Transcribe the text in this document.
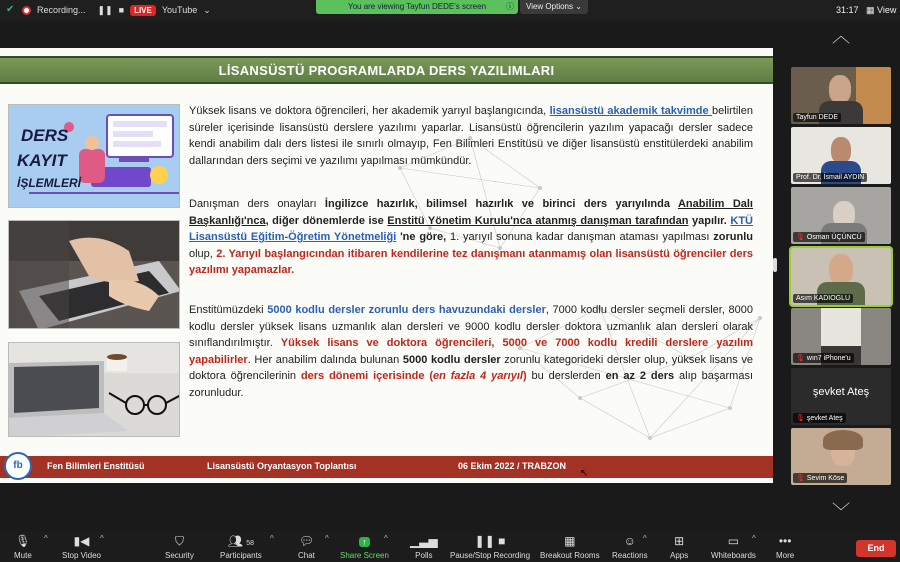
✔	Recording... ❚❚ ■	LIVE	YouTube ⌄	You are viewing Tayfun DEDE's screen ⓘ	View Options ⌄	31:17 ▦ View
LİSANSÜSTÜ PROGRAMLARDA DERS YAZILIMLARI
DERS
KAYIT
İŞLEMLERİ
Yüksek lisans ve doktora öğrencileri, her akademik yarıyıl başlangıcında, lisansüstü akademik takvimde belirtilen süreler içerisinde lisansüstü derslere yazılımı yaparlar. Lisansüstü öğrencilerin yazılım yapacağı dersler sadece kendi anabilim dalı ders listesi ile sınırlı olmayıp, Fen Bilimleri Enstitüsü ve diğer lisansüstü enstitülerdeki anabilim dallarından ders seçimi ve yazılımı yapılması mümkündür.
Danışman ders onayları İngilizce hazırlık, bilimsel hazırlık ve birinci ders yarıyılında Anabilim Dalı Başkanlığı'nca, diğer dönemlerde ise Enstitü Yönetim Kurulu'nca atanmış danışman tarafından yapılır. KTÜ Lisansüstü Eğitim-Öğretim Yönetmeliği 'ne göre, 1. yarıyıl sonuna kadar danışman ataması yapılması zorunlu olup, 2. Yarıyıl başlangıcından itibaren kendilerine tez danışmanı atanmamış olan lisansüstü öğrenciler ders yazılımı yapamazlar.
Enstitümüzdeki 5000 kodlu dersler zorunlu ders havuzundaki dersler, 7000 kodlu dersler seçmeli dersler, 8000 kodlu dersler yüksek lisans uzmanlık alan dersleri ve 9000 kodlu dersler doktora uzmanlık alan dersleri olarak sınıflandırılmıştır. Yüksek lisans ve doktora öğrencileri, 5000 ve 7000 kodlu kredili derslere yazılım yapabilirler. Her anabilim dalında bulunan 5000 kodlu dersler zorunlu kategorideki dersler olup, yüksek lisans ve doktora öğrencilerinin ders dönemi içerisinde (en fazla 4 yarıyıl) bu derslerden en az 2 ders alıp başarması zorunludur.
Fen Bilimleri Enstitüsü	Lisansüstü Oryantasyon Toplantısı	06 Ekim 2022 / TRABZON
fb
↖
︿
Tayfun DEDE
Prof. Dr. İsmail AYDIN
🎙 Osman ÜÇÜNCÜ
Asım KADIOGLU
🎙 wın7 iPhone'u
şevket Ateş
🎙 şevket Ateş
🎙 Sevim Köse
﹀
🎙︎
Mute
^	▮◀
Stop Video
^	⛉
Security
👥︎ 58
Participants
^ 💬︎
Chat
^	↑
Share Screen
^ ▁▃▅
Polls
❚❚ ■
Pause/Stop Recording
▦
Breakout Rooms
☺
Reactions
^	⊞
Apps
▭
Whiteboards
^ •••
More
End
